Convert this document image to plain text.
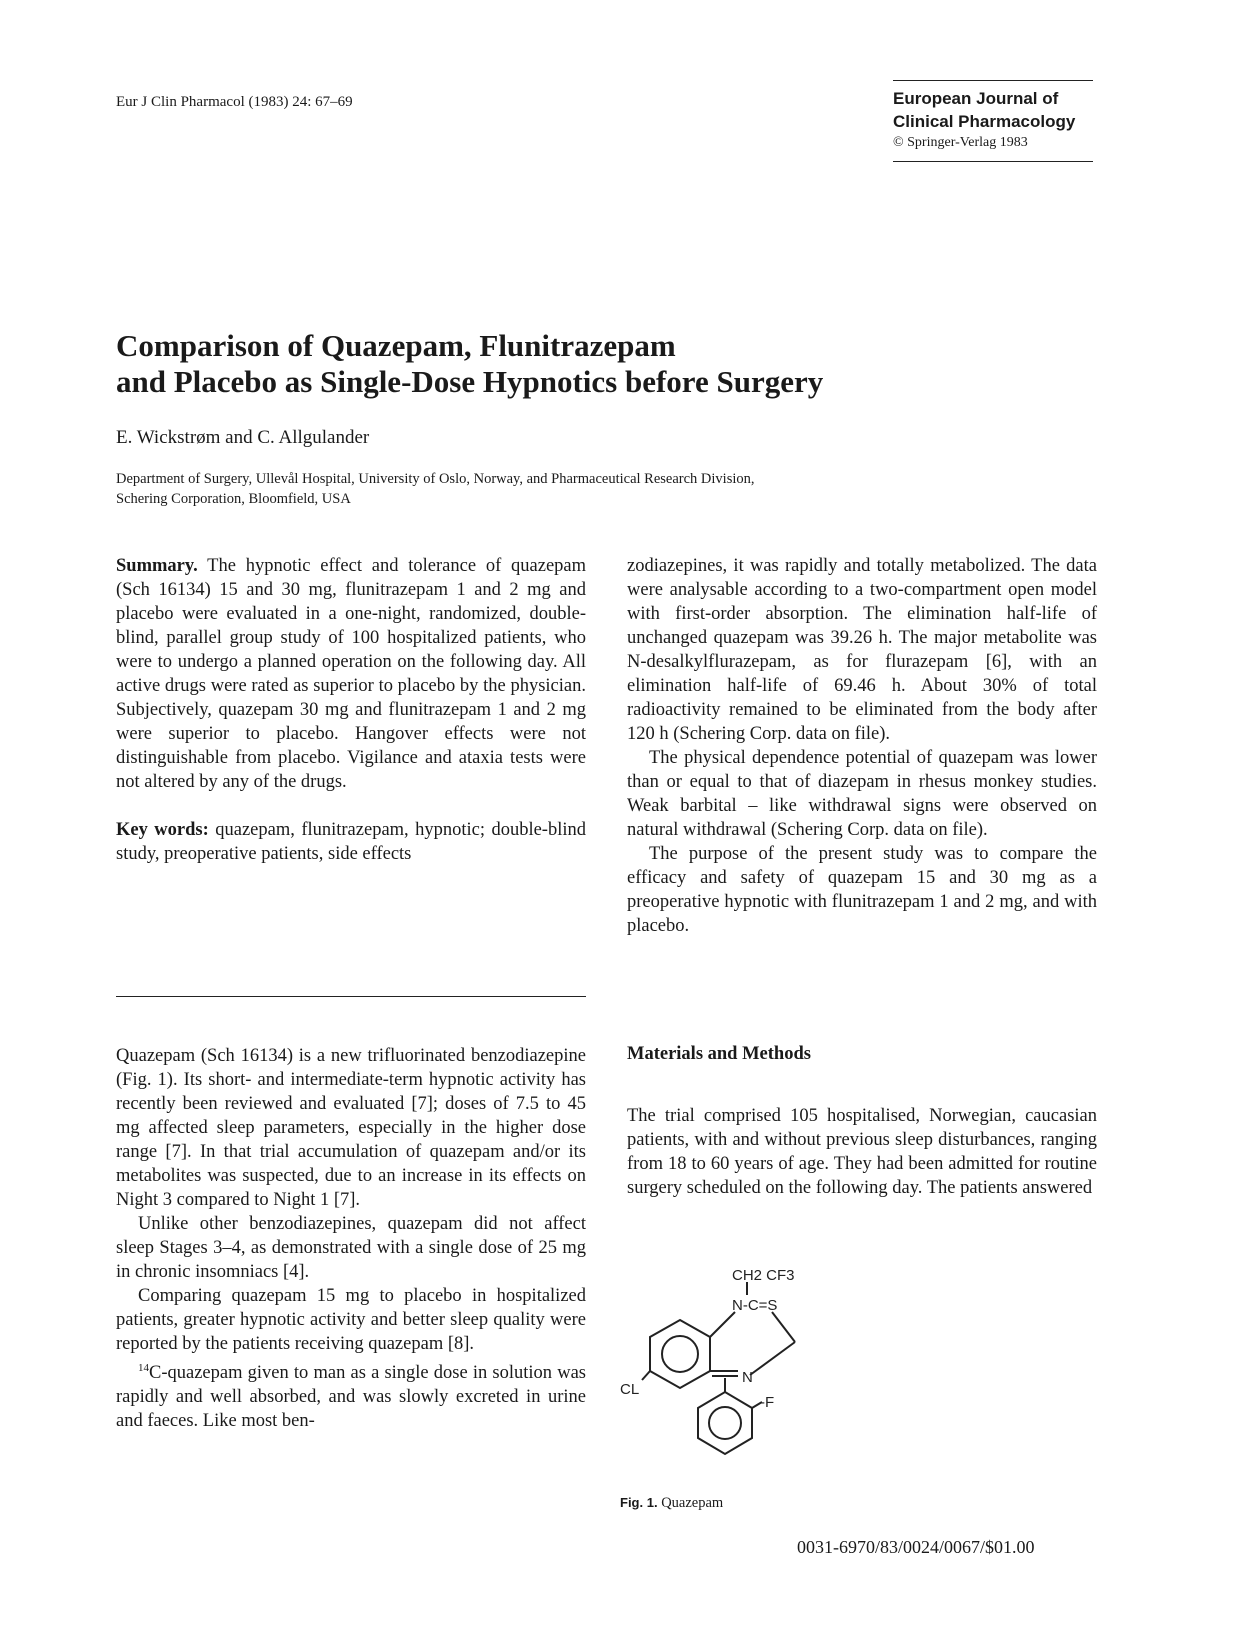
Eur J Clin Pharmacol (1983) 24: 67–69	European Journal of
Clinical Pharmacology
© Springer-Verlag 1983
Comparison of Quazepam, Flunitrazepam
and Placebo as Single-Dose Hypnotics before Surgery
E. Wickstrøm and C. Allgulander
Department of Surgery, Ullevål Hospital, University of Oslo, Norway, and Pharmaceutical Research Division,
Schering Corporation, Bloomfield, USA

Summary. The hypnotic effect and tolerance of quazepam (Sch 16134) 15 and 30 mg, flunitrazepam 1 and 2 mg and placebo were evaluated in a one-night, randomized, double-blind, parallel group study of 100 hospitalized patients, who were to undergo a planned operation on the following day. All active drugs were rated as superior to placebo by the physician. Subjectively, quazepam 30 mg and flunitrazepam 1 and 2 mg were superior to placebo. Hangover effects were not distinguishable from placebo. Vigilance and ataxia tests were not altered by any of the drugs.

Key words: quazepam, flunitrazepam, hypnotic; double-blind study, preoperative patients, side effects

Quazepam (Sch 16134) is a new trifluorinated benzodiazepine (Fig. 1). Its short- and intermediate-term hypnotic activity has recently been reviewed and evaluated [7]; doses of 7.5 to 45 mg affected sleep parameters, especially in the higher dose range [7]. In that trial accumulation of quazepam and/or its metabolites was suspected, due to an increase in its effects on Night 3 compared to Night 1 [7].

Unlike other benzodiazepines, quazepam did not affect sleep Stages 3–4, as demonstrated with a single dose of 25 mg in chronic insomniacs [4].

Comparing quazepam 15 mg to placebo in hospitalized patients, greater hypnotic activity and better sleep quality were reported by the patients receiving quazepam [8].

$^{14}$C-quazepam given to man as a single dose in solution was rapidly and well absorbed, and was slowly excreted in urine and faeces. Like most ben-

zodiazepines, it was rapidly and totally metabolized. The data were analysable according to a two-compartment open model with first-order absorption. The elimination half-life of unchanged quazepam was 39.26 h. The major metabolite was N-desalkylflurazepam, as for flurazepam [6], with an elimination half-life of 69.46 h. About 30% of total radioactivity remained to be eliminated from the body after 120 h (Schering Corp. data on file).

The physical dependence potential of quazepam was lower than or equal to that of diazepam in rhesus monkey studies. Weak barbital – like withdrawal signs were observed on natural withdrawal (Schering Corp. data on file).

The purpose of the present study was to compare the efficacy and safety of quazepam 15 and 30 mg as a preoperative hypnotic with flunitrazepam 1 and 2 mg, and with placebo.

Materials and Methods

The trial comprised 105 hospitalised, Norwegian, caucasian patients, with and without previous sleep disturbances, ranging from 18 to 60 years of age. They had been admitted for routine surgery scheduled on the following day. The patients answered

CH2 CF3
N-C=S
CL
N
-F
Fig. 1. Quazepam
0031-6970/83/0024/0067/$01.00
